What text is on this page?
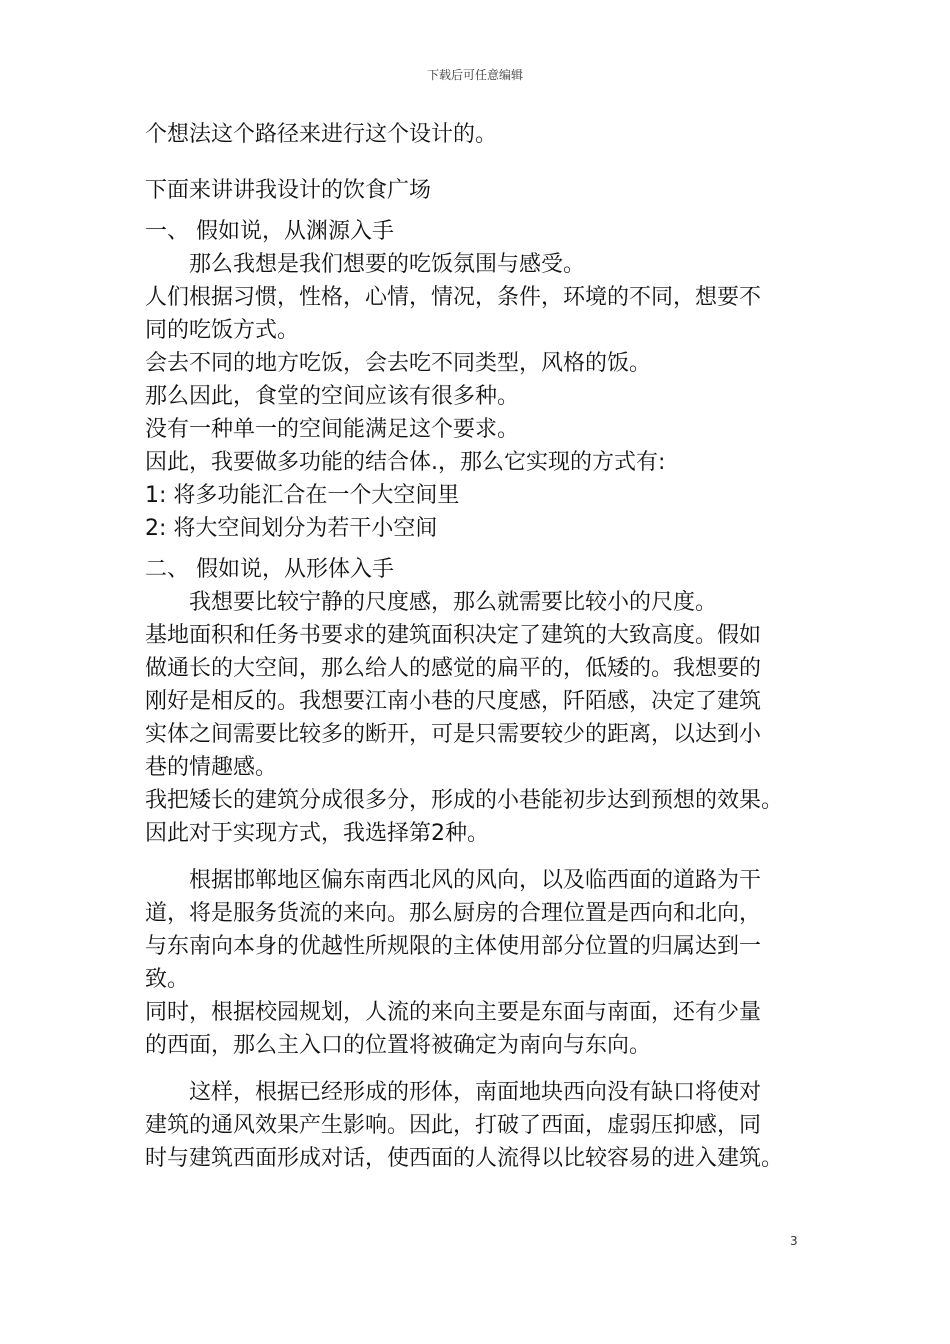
下载后可任意编辑

个想法这个路径来进行这个设计的。

下面来讲讲我设计的饮食广场

一、 假如说，从渊源入手

那么我想是我们想要的吃饭氛围与感受。

人们根据习惯，性格，心情，情况，条件，环境的不同，想要不

同的吃饭方式。

会去不同的地方吃饭，会去吃不同类型，风格的饭。

那么因此，食堂的空间应该有很多种。

没有一种单一的空间能满足这个要求。

因此，我要做多功能的结合体.，那么它实现的方式有:

1: 将多功能汇合在一个大空间里

2: 将大空间划分为若干小空间

二、 假如说，从形体入手

我想要比较宁静的尺度感，那么就需要比较小的尺度。

基地面积和任务书要求的建筑面积决定了建筑的大致高度。假如

做通长的大空间，那么给人的感觉的扁平的，低矮的。我想要的

刚好是相反的。我想要江南小巷的尺度感，阡陌感，决定了建筑

实体之间需要比较多的断开，可是只需要较少的距离，以达到小

巷的情趣感。

我把矮长的建筑分成很多分，形成的小巷能初步达到预想的效果。

因此对于实现方式，我选择第2种。

根据邯郸地区偏东南西北风的风向，以及临西面的道路为干

道，将是服务货流的来向。那么厨房的合理位置是西向和北向，

与东南向本身的优越性所规限的主体使用部分位置的归属达到一

致。

同时，根据校园规划，人流的来向主要是东面与南面，还有少量

的西面，那么主入口的位置将被确定为南向与东向。

这样，根据已经形成的形体，南面地块西向没有缺口将使对

建筑的通风效果产生影响。因此，打破了西面，虚弱压抑感，同

时与建筑西面形成对话，使西面的人流得以比较容易的进入建筑。

3
